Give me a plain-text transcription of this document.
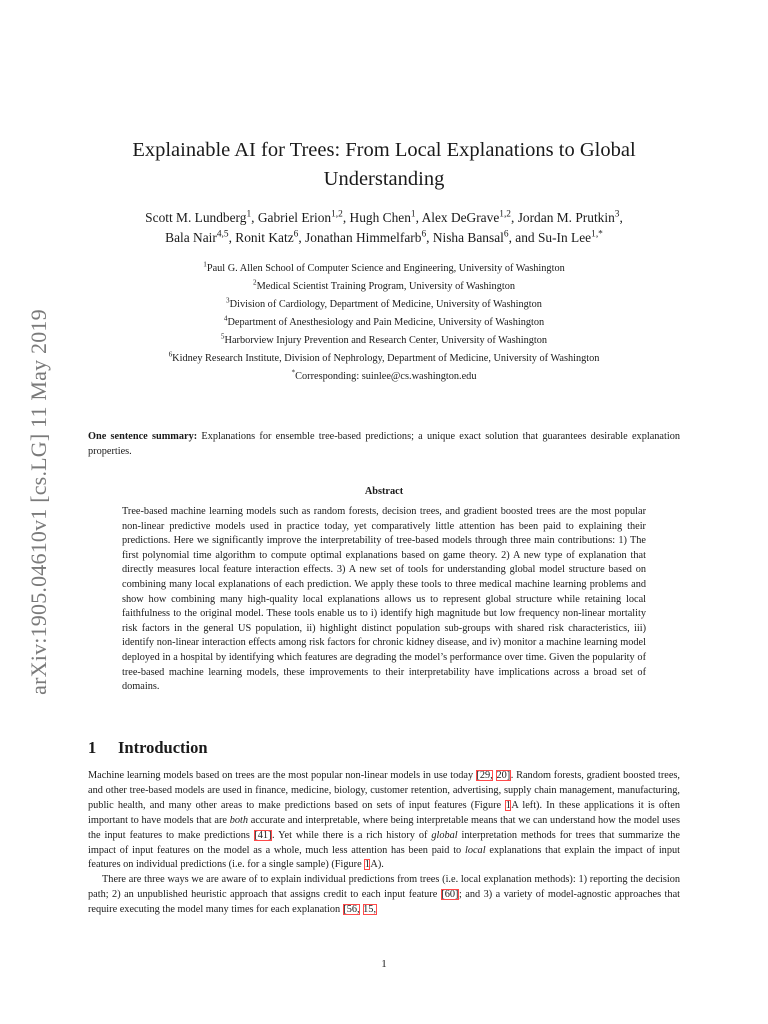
arXiv:1905.04610v1 [cs.LG] 11 May 2019
Explainable AI for Trees: From Local Explanations to Global
Understanding
Scott M. Lundberg$^1$, Gabriel Erion$^{1,2}$, Hugh Chen$^1$, Alex DeGrave$^{1,2}$, Jordan M. Prutkin$^3$,
Bala Nair$^{4,5}$, Ronit Katz$^6$, Jonathan Himmelfarb$^6$, Nisha Bansal$^6$, and Su-In Lee$^{1,*}$
$^1$Paul G. Allen School of Computer Science and Engineering, University of Washington
$^2$Medical Scientist Training Program, University of Washington
$^3$Division of Cardiology, Department of Medicine, University of Washington
$^4$Department of Anesthesiology and Pain Medicine, University of Washington
$^5$Harborview Injury Prevention and Research Center, University of Washington
$^6$Kidney Research Institute, Division of Nephrology, Department of Medicine, University of Washington
*Corresponding: suinlee@cs.washington.edu
One sentence summary: Explanations for ensemble tree-based predictions; a unique exact solution that guarantees desirable explanation properties.
Abstract
Tree-based machine learning models such as random forests, decision trees, and gradient boosted trees are the most popular non-linear predictive models used in practice today, yet comparatively little attention has been paid to explaining their predictions. Here we significantly improve the interpretability of tree-based models through three main contributions: 1) The first polynomial time algorithm to compute optimal explanations based on game theory. 2) A new type of explanation that directly measures local feature interaction effects. 3) A new set of tools for understanding global model structure based on combining many local explanations of each prediction. We apply these tools to three medical machine learning problems and show how combining many high-quality local explanations allows us to represent global structure while retaining local faithfulness to the original model. These tools enable us to i) identify high magnitude but low frequency non-linear mortality risk factors in the general US population, ii) highlight distinct population sub-groups with shared risk characteristics, iii) identify non-linear interaction effects among risk factors for chronic kidney disease, and iv) monitor a machine learning model deployed in a hospital by identifying which features are degrading the model’s performance over time. Given the popularity of tree-based machine learning models, these improvements to their interpretability have implications across a broad set of domains.
1 Introduction

Machine learning models based on trees are the most popular non-linear models in use today [29, 20]. Random forests, gradient boosted trees, and other tree-based models are used in finance, medicine, biology, customer retention, advertising, supply chain management, manufacturing, public health, and many other areas to make predictions based on sets of input features (Figure 1A left). In these applications it is often important to have models that are both accurate and interpretable, where being interpretable means that we can understand how the model uses the input features to make predictions [41]. Yet while there is a rich history of global interpretation methods for trees that summarize the impact of input features on the model as a whole, much less attention has been paid to local explanations that explain the impact of input features on individual predictions (i.e. for a single sample) (Figure 1A).

There are three ways we are aware of to explain individual predictions from trees (i.e. local explanation methods): 1) reporting the decision path; 2) an unpublished heuristic approach that assigns credit to each input feature [60]; and 3) a variety of model-agnostic approaches that require executing the model many times for each explanation [56, 15,

1
